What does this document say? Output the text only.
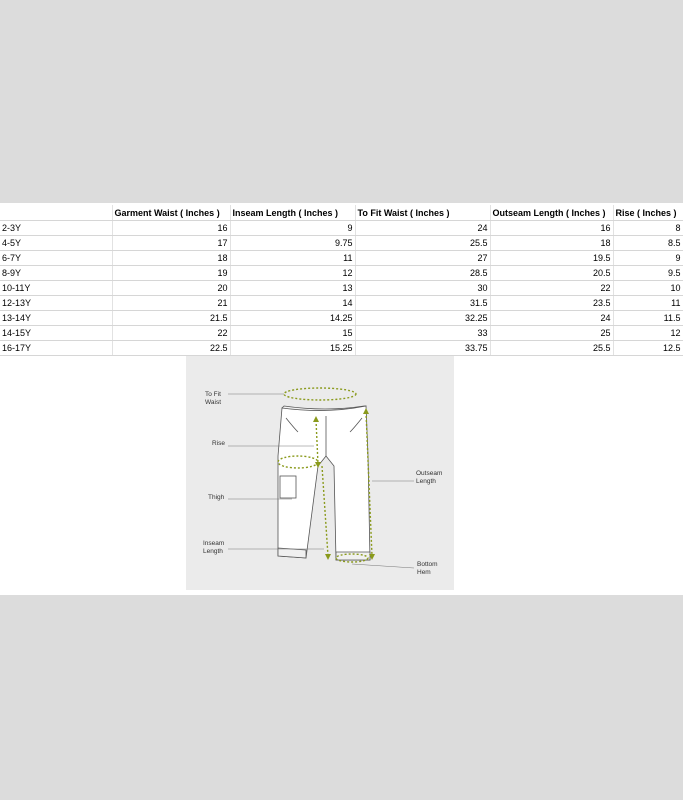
	Garment Waist ( Inches )	Inseam Length ( Inches )	To Fit Waist ( Inches )	Outseam Length ( Inches )	Rise ( Inches )
2-3Y	16	9	24	16	8
4-5Y	17	9.75	25.5	18	8.5
6-7Y	18	11	27	19.5	9
8-9Y	19	12	28.5	20.5	9.5
10-11Y	20	13	30	22	10
12-13Y	21	14	31.5	23.5	11
13-14Y	21.5	14.25	32.25	24	11.5
14-15Y	22	15	33	25	12
16-17Y	22.5	15.25	33.75	25.5	12.5
To Fit
Waist
Rise
Thigh
Inseam
Length
Outseam
Length
Bottom
Hem
